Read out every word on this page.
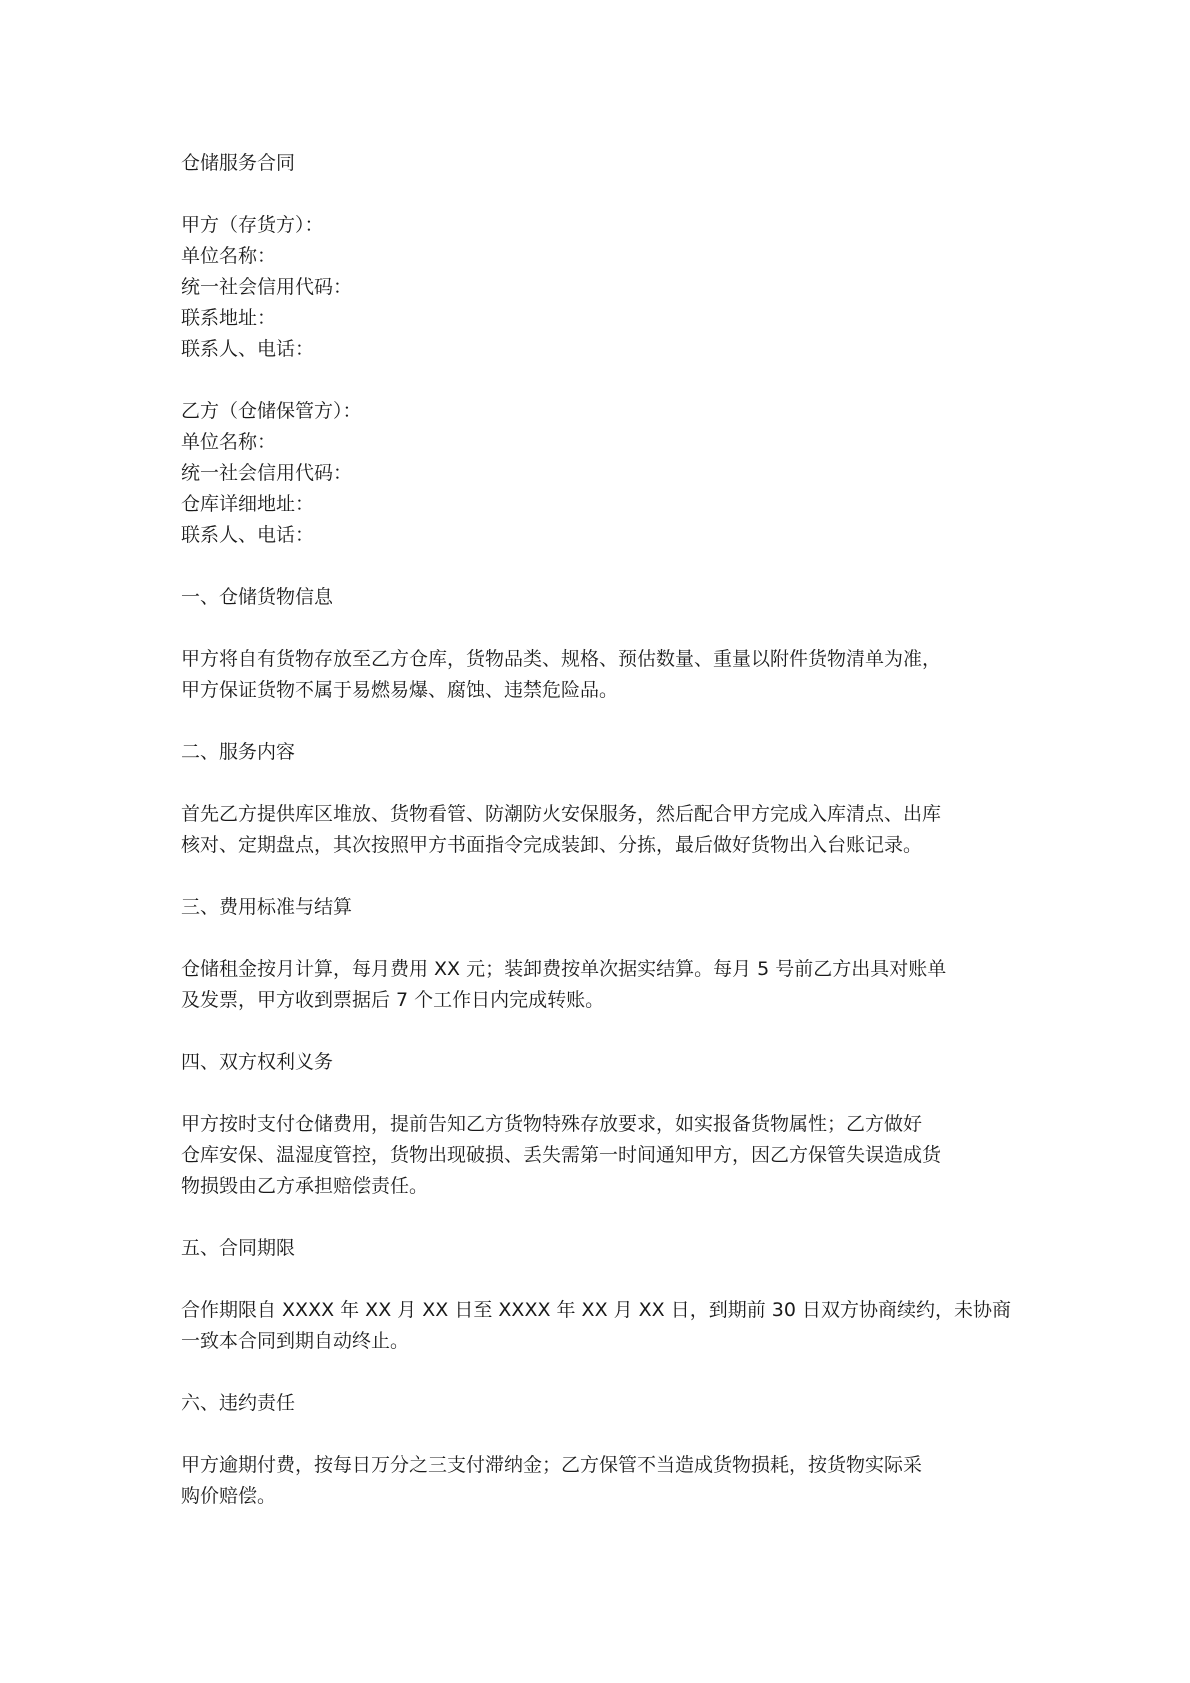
仓储服务合同
甲方（存货方）：
单位名称：
统一社会信用代码：
联系地址：
联系人、电话：
乙方（仓储保管方）：
单位名称：
统一社会信用代码：
仓库详细地址：
联系人、电话：
一、仓储货物信息
甲方将自有货物存放至乙方仓库，货物品类、规格、预估数量、重量以附件货物清单为准，
甲方保证货物不属于易燃易爆、腐蚀、违禁危险品。
二、服务内容
首先乙方提供库区堆放、货物看管、防潮防火安保服务，然后配合甲方完成入库清点、出库
核对、定期盘点，其次按照甲方书面指令完成装卸、分拣，最后做好货物出入台账记录。
三、费用标准与结算
仓储租金按月计算，每月费用 XX 元；装卸费按单次据实结算。每月 5 号前乙方出具对账单
及发票，甲方收到票据后 7 个工作日内完成转账。
四、双方权利义务
甲方按时支付仓储费用，提前告知乙方货物特殊存放要求，如实报备货物属性；乙方做好
仓库安保、温湿度管控，货物出现破损、丢失需第一时间通知甲方，因乙方保管失误造成货
物损毁由乙方承担赔偿责任。
五、合同期限
合作期限自 XXXX 年 XX 月 XX 日至 XXXX 年 XX 月 XX 日，到期前 30 日双方协商续约，未协商
一致本合同到期自动终止。
六、违约责任
甲方逾期付费，按每日万分之三支付滞纳金；乙方保管不当造成货物损耗，按货物实际采
购价赔偿。
